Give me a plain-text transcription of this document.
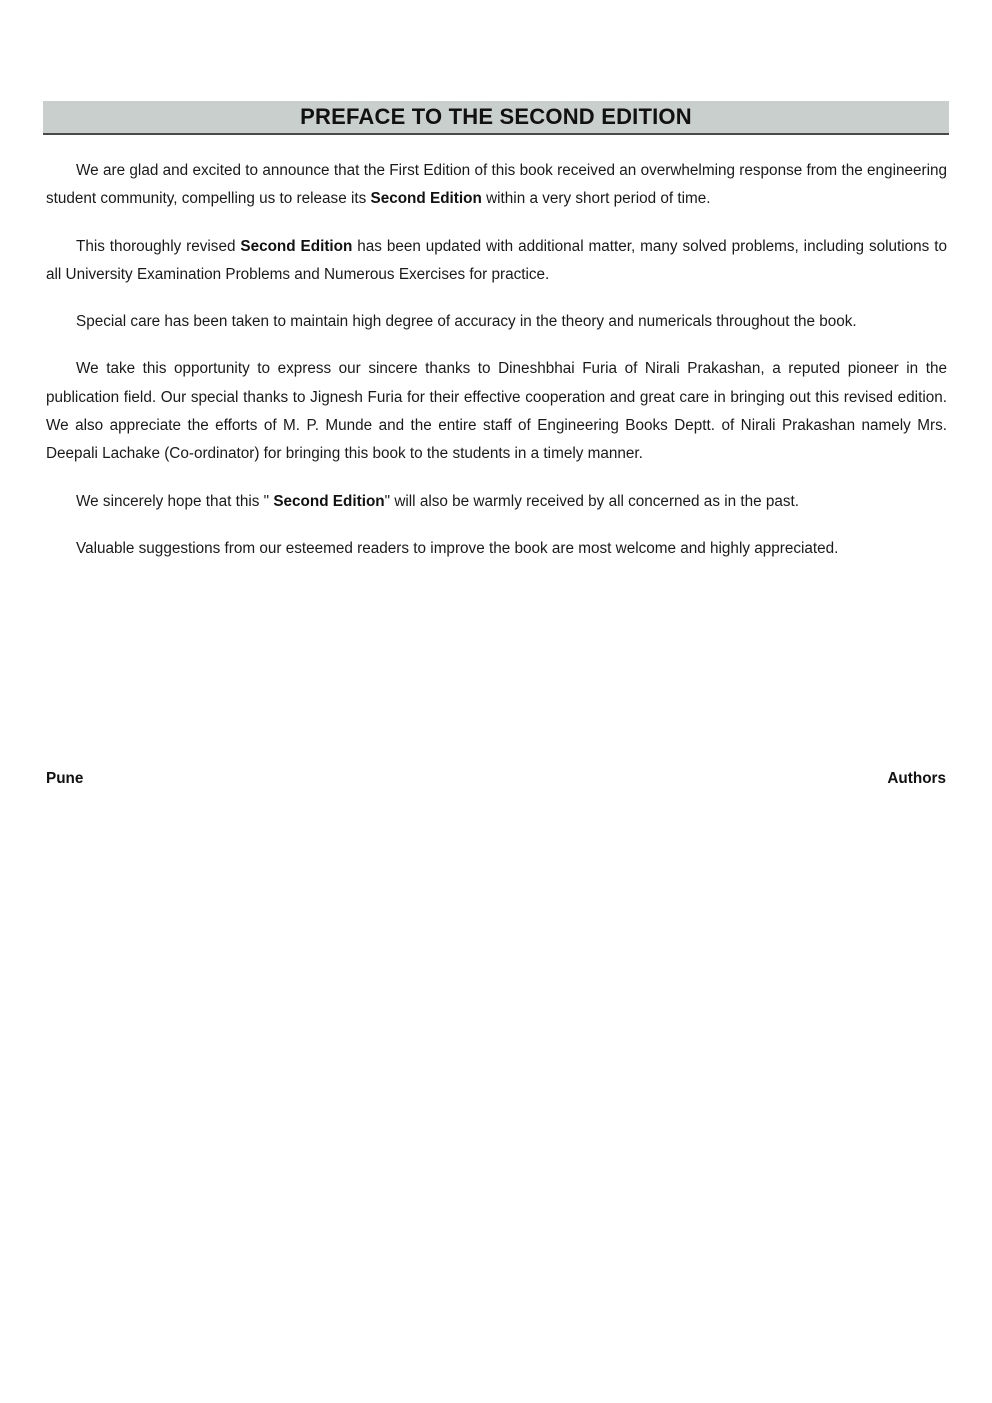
PREFACE TO THE SECOND EDITION

We are glad and excited to announce that the First Edition of this book received an overwhelming response from the engineering student community, compelling us to release its Second Edition within a very short period of time.

This thoroughly revised Second Edition has been updated with additional matter, many solved problems, including solutions to all University Examination Problems and Numerous Exercises for practice.

Special care has been taken to maintain high degree of accuracy in the theory and numericals throughout the book.

We take this opportunity to express our sincere thanks to Dineshbhai Furia of Nirali Prakashan, a reputed pioneer in the publication field. Our special thanks to Jignesh Furia for their effective cooperation and great care in bringing out this revised edition. We also appreciate the efforts of M. P. Munde and the entire staff of Engineering Books Deptt. of Nirali Prakashan namely Mrs. Deepali Lachake (Co-ordinator) for bringing this book to the students in a timely manner.

We sincerely hope that this " Second Edition" will also be warmly received by all concerned as in the past.

Valuable suggestions from our esteemed readers to improve the book are most welcome and highly appreciated.

Pune	Authors
